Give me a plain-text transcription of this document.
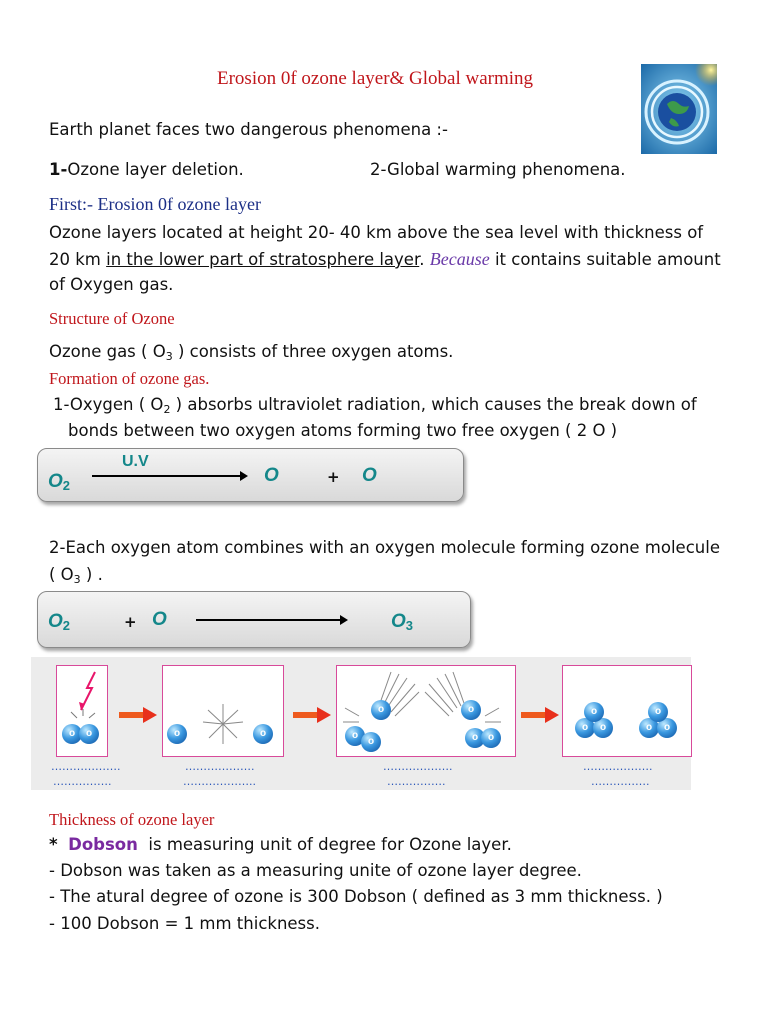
Erosion 0f ozone layer& Global warming
Earth planet faces two dangerous phenomena :-
1-Ozone layer deletion.	2-Global warming phenomena.
First:- Erosion 0f ozone layer
Ozone layers located at height 20- 40 km above the sea level with thickness of
20 km in the lower part of stratosphere layer. Because it contains suitable amount
of Oxygen gas.
Structure of Ozone
Ozone gas ( $O_3$ ) consists of three oxygen atoms.
Formation of ozone gas.
1-Oxygen ( $O_2$ ) absorbs ultraviolet radiation, which causes the break down of
bonds between two oxygen atoms forming two free oxygen ( 2 O )
$O_2$
U.V
O	+ O
2-Each oxygen atom combines with an oxygen molecule forming ozone molecule
( $O_3$ ) .
$O_2$	+ O	$O_3$
o	o	o	o
o
o
o
o
o o
o	o
o
o	o
o
……………….
…………….
……………….
………………..
……………….
…………….
……………….
…………….
Thickness of ozone layer
* Dobson is measuring unit of degree for Ozone layer.
- Dobson was taken as a measuring unite of ozone layer degree.
- The atural degree of ozone is 300 Dobson ( defined as 3 mm thickness. )
- 100 Dobson = 1 mm thickness.
